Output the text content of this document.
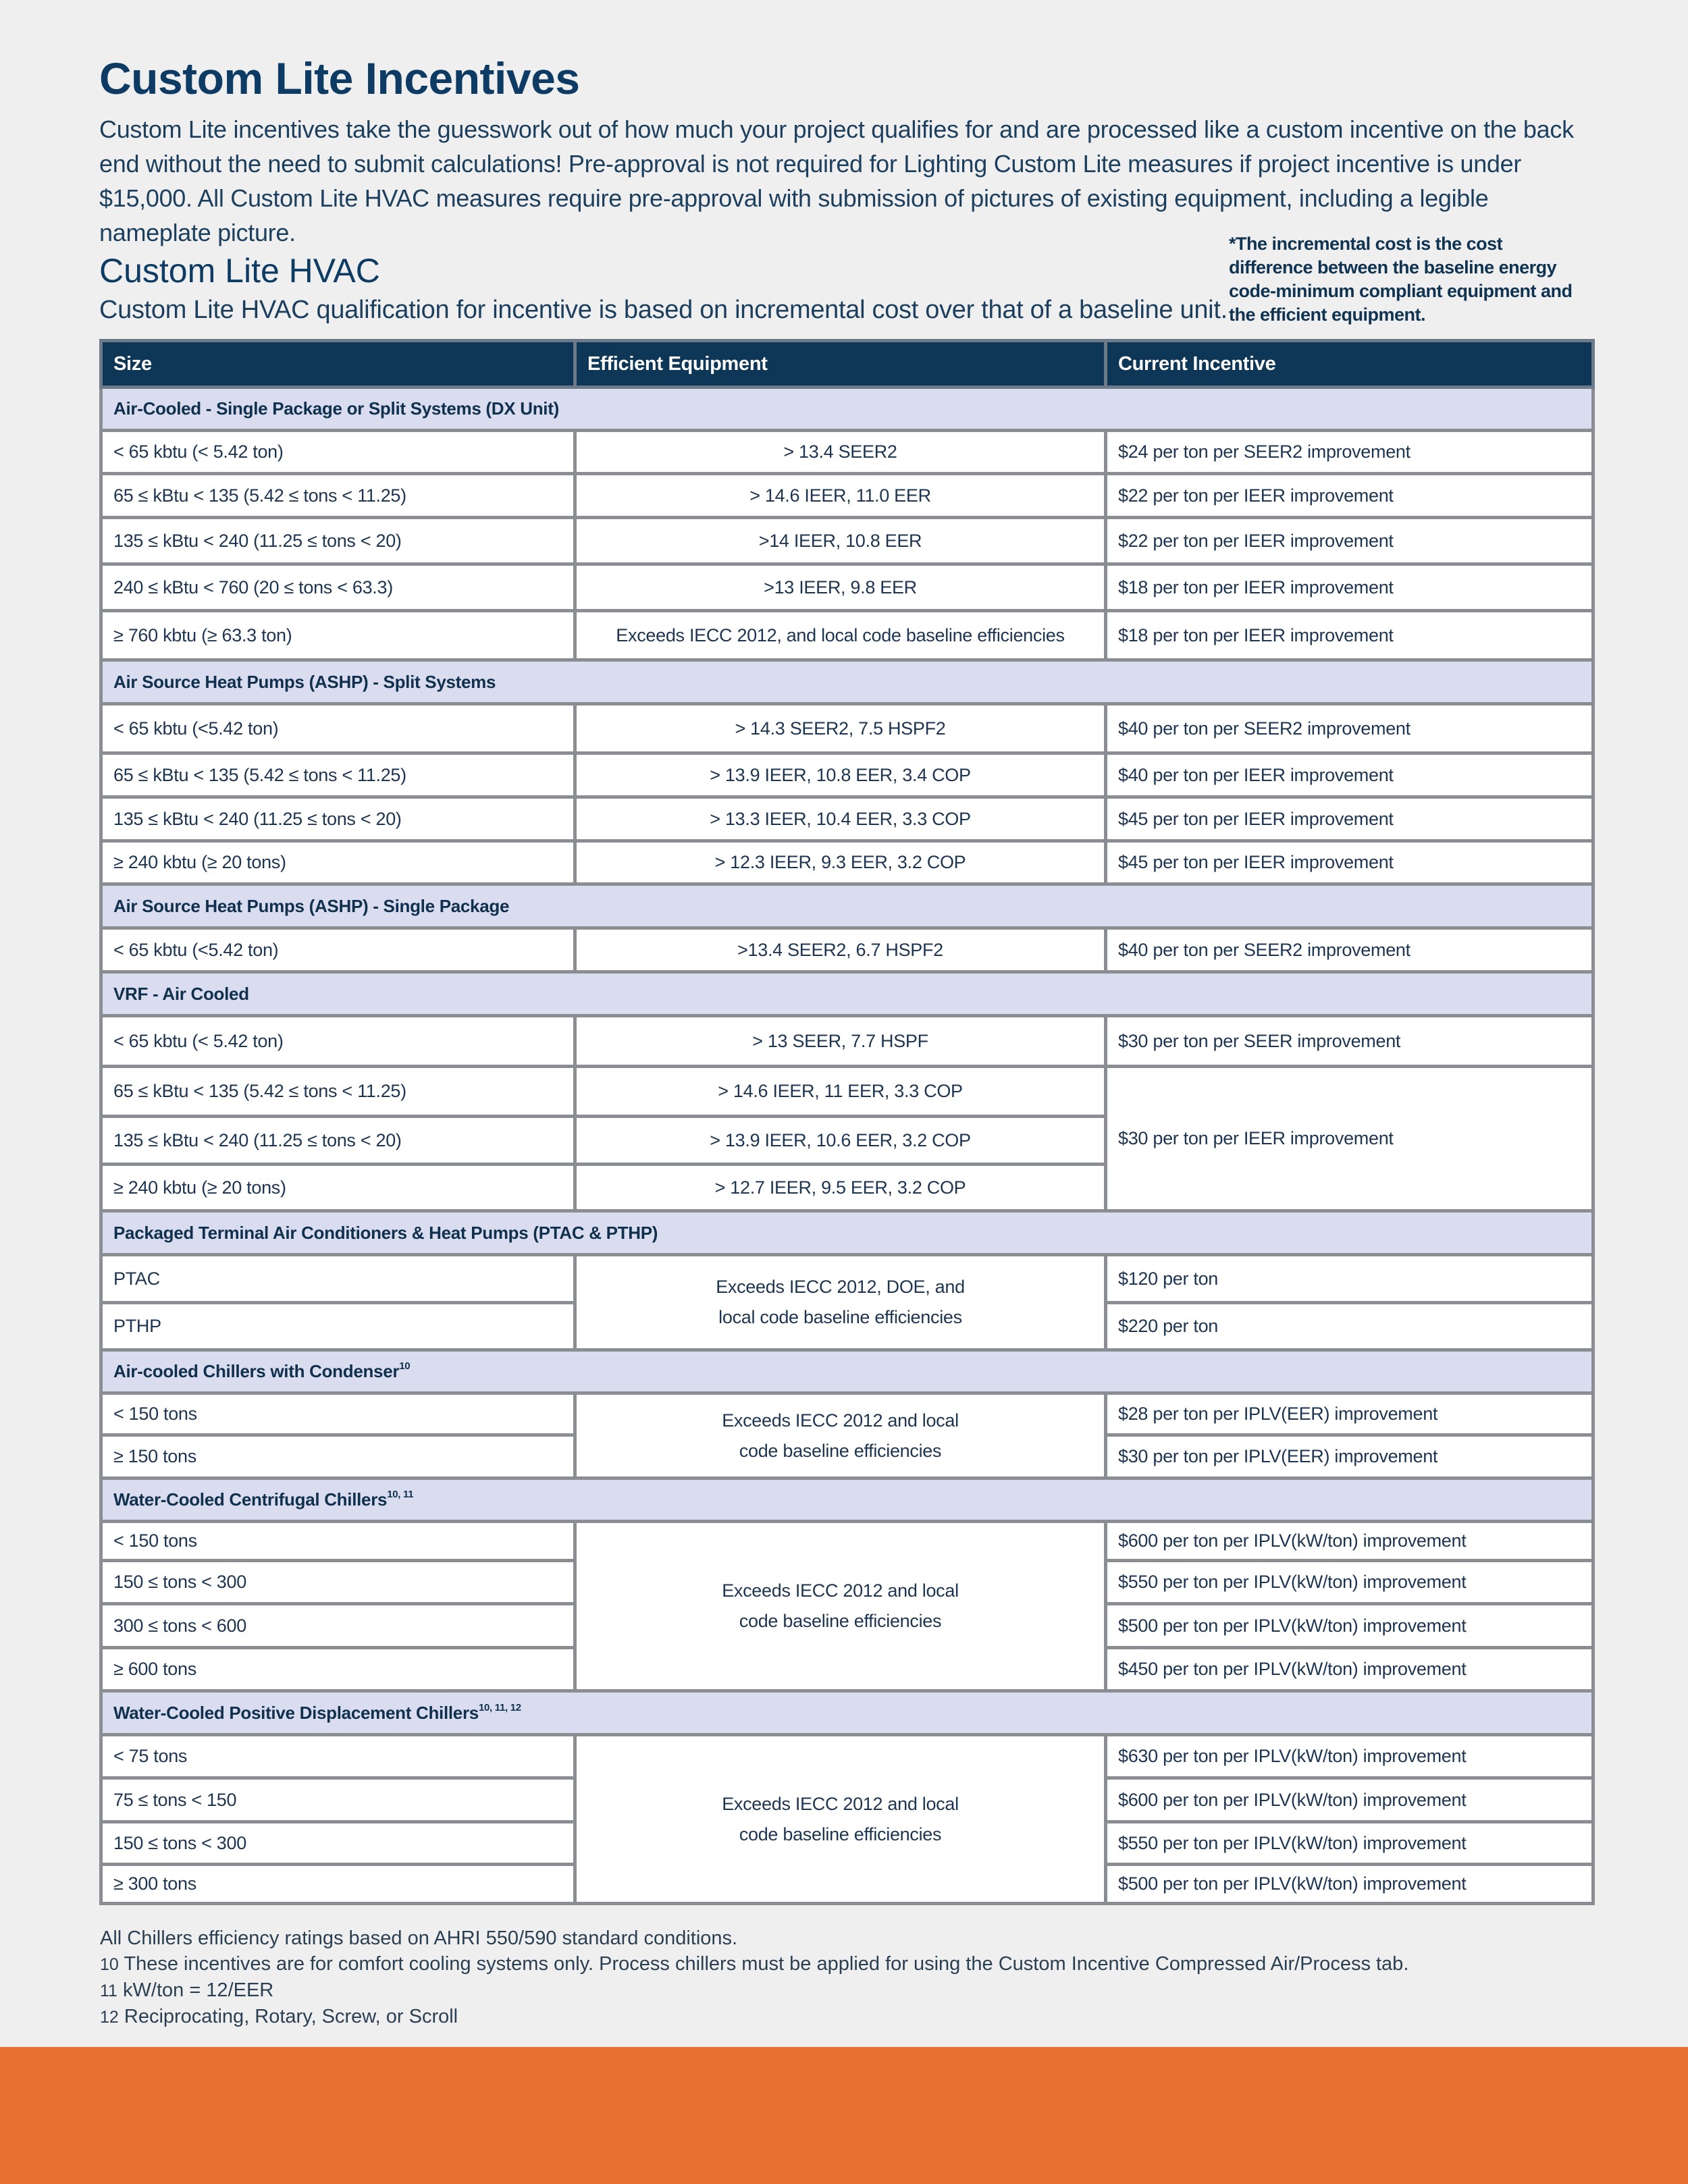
Custom Lite Incentives

Custom Lite incentives take the guesswork out of how much your project qualifies for and are processed like a custom incentive on the back end without the need to submit calculations! Pre-approval is not required for Lighting Custom Lite measures if project incentive is under $15,000. All Custom Lite HVAC measures require pre-approval with submission of pictures of existing equipment, including a legible nameplate picture.

Custom Lite HVAC

Custom Lite HVAC qualification for incentive is based on incremental cost over that of a baseline unit.

*The incremental cost is the cost difference between the baseline energy code-minimum compliant equipment and the efficient equipment.

Size	Efficient Equipment	Current Incentive
Air-Cooled - Single Package or Split Systems (DX Unit)		
< 65 kbtu (< 5.42 ton)	> 13.4 SEER2	$24 per ton per SEER2 improvement
65 ≤ kBtu < 135 (5.42 ≤ tons < 11.25)	> 14.6 IEER, 11.0 EER	$22 per ton per IEER improvement
135 ≤ kBtu < 240 (11.25 ≤ tons < 20)	>14 IEER, 10.8 EER	$22 per ton per IEER improvement
240 ≤ kBtu < 760 (20 ≤ tons < 63.3)	>13 IEER, 9.8 EER	$18 per ton per IEER improvement
≥ 760 kbtu (≥ 63.3 ton)	Exceeds IECC 2012, and local code baseline efficiencies	$18 per ton per IEER improvement
Air Source Heat Pumps (ASHP) - Split Systems		
< 65 kbtu (<5.42 ton)	> 14.3 SEER2, 7.5 HSPF2	$40 per ton per SEER2 improvement
65 ≤ kBtu < 135 (5.42 ≤ tons < 11.25)	> 13.9 IEER, 10.8 EER, 3.4 COP	$40 per ton per IEER improvement
135 ≤ kBtu < 240 (11.25 ≤ tons < 20)	> 13.3 IEER, 10.4 EER, 3.3 COP	$45 per ton per IEER improvement
≥ 240 kbtu (≥ 20 tons)	> 12.3 IEER, 9.3 EER, 3.2 COP	$45 per ton per IEER improvement
Air Source Heat Pumps (ASHP) - Single Package		
< 65 kbtu (<5.42 ton)	>13.4 SEER2, 6.7 HSPF2	$40 per ton per SEER2 improvement
VRF - Air Cooled		
< 65 kbtu (< 5.42 ton)	> 13 SEER, 7.7 HSPF	$30 per ton per SEER improvement
65 ≤ kBtu < 135 (5.42 ≤ tons < 11.25)	> 14.6 IEER, 11 EER, 3.3 COP	$30 per ton per IEER improvement
135 ≤ kBtu < 240 (11.25 ≤ tons < 20)	> 13.9 IEER, 10.6 EER, 3.2 COP	
≥ 240 kbtu (≥ 20 tons)	> 12.7 IEER, 9.5 EER, 3.2 COP	
Packaged Terminal Air Conditioners & Heat Pumps (PTAC & PTHP)		
PTAC	Exceeds IECC 2012, DOE, and local code baseline efficiencies	$120 per ton
PTHP		$220 per ton
Air-cooled Chillers with Condenser$^{10}$
< 150 tons	Exceeds IECC 2012 and local code baseline efficiencies	$28 per ton per IPLV(EER) improvement
≥ 150 tons		$30 per ton per IPLV(EER) improvement
Water-Cooled Centrifugal Chillers$^{10, 11}$
< 150 tons	Exceeds IECC 2012 and local code baseline efficiencies	$600 per ton per IPLV(kW/ton) improvement
150 ≤ tons < 300		$550 per ton per IPLV(kW/ton) improvement
300 ≤ tons < 600		$500 per ton per IPLV(kW/ton) improvement
≥ 600 tons		$450 per ton per IPLV(kW/ton) improvement
Water-Cooled Positive Displacement Chillers$^{10, 11, 12}$
< 75 tons	Exceeds IECC 2012 and local code baseline efficiencies	$630 per ton per IPLV(kW/ton) improvement
75 ≤ tons < 150		$600 per ton per IPLV(kW/ton) improvement
150 ≤ tons < 300		$550 per ton per IPLV(kW/ton) improvement
≥ 300 tons		$500 per ton per IPLV(kW/ton) improvement

All Chillers efficiency ratings based on AHRI 550/590 standard conditions.

10 These incentives are for comfort cooling systems only. Process chillers must be applied for using the Custom Incentive Compressed Air/Process tab.

11 kW/ton = 12/EER

12 Reciprocating, Rotary, Screw, or Scroll
